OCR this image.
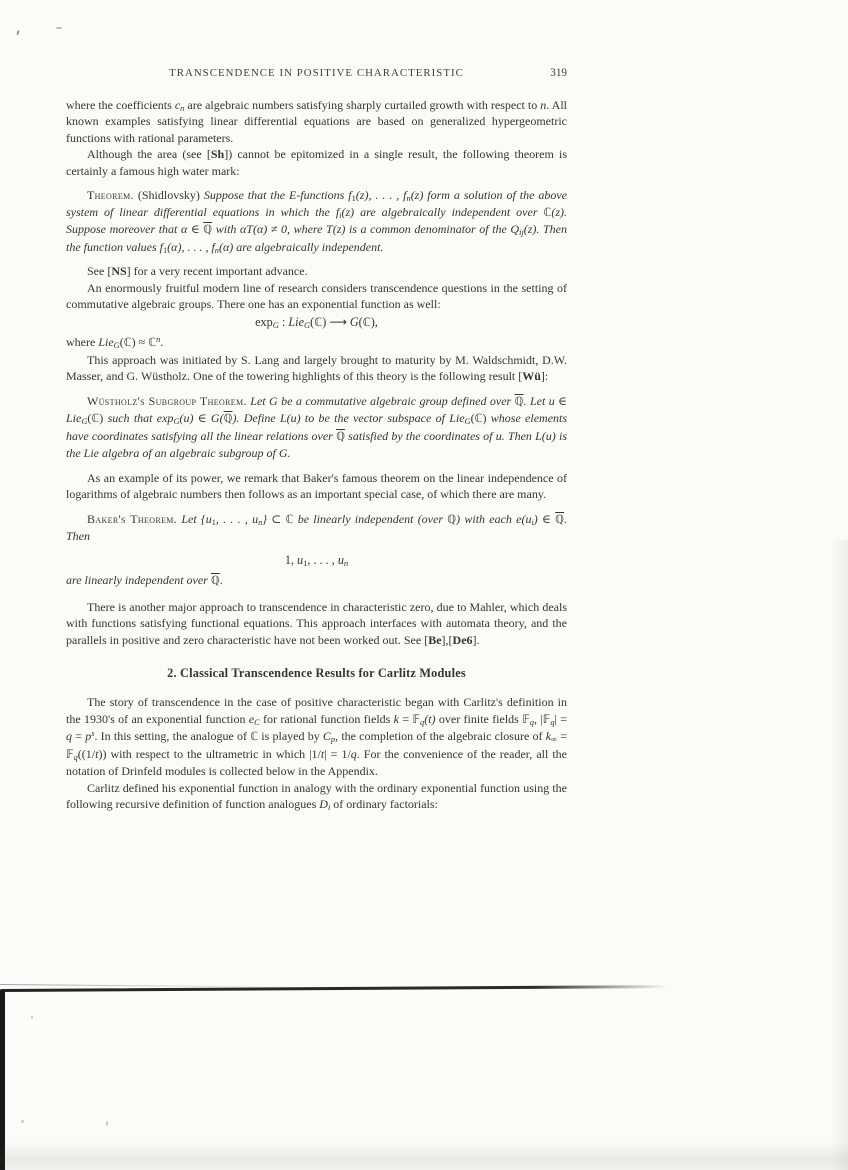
TRANSCENDENCE IN POSITIVE CHARACTERISTIC	319

where the coefficients cn are algebraic numbers satisfying sharply curtailed growth with respect to n. All known examples satisfying linear differential equations are based on generalized hypergeometric functions with rational parameters.

Although the area (see [Sh]) cannot be epitomized in a single result, the following theorem is certainly a famous high water mark:

Theorem. (Shidlovsky) Suppose that the E-functions f1(z), . . . , fn(z) form a solution of the above system of linear differential equations in which the fi(z) are algebraically independent over ℂ(z). Suppose moreover that α ∈ ℚ with αT(α) ≠ 0, where T(z) is a common denominator of the Qij(z). Then the function values f1(α), . . . , fn(α) are algebraically independent.

See [NS] for a very recent important advance.

An enormously fruitful modern line of research considers transcendence questions in the setting of commutative algebraic groups. There one has an exponential function as well:

expG : LieG(ℂ) ⟶ G(ℂ),

where LieG(ℂ) ≈ ℂ$^n$.

This approach was initiated by S. Lang and largely brought to maturity by M. Waldschmidt, D.W. Masser, and G. Wüstholz. One of the towering highlights of this theory is the following result [Wü]:

Wüstholz's Subgroup Theorem. Let G be a commutative algebraic group defined over ℚ. Let u ∈ LieG(ℂ) such that expG(u) ∈ G(ℚ). Define L(u) to be the vector subspace of LieG(ℂ) whose elements have coordinates satisfying all the linear relations over ℚ satisfied by the coordinates of u. Then L(u) is the Lie algebra of an algebraic subgroup of G.

As an example of its power, we remark that Baker's famous theorem on the linear independence of logarithms of algebraic numbers then follows as an important special case, of which there are many.

Baker's Theorem. Let {u1, . . . , un} ⊂ ℂ be linearly independent (over ℚ) with each e(ui) ∈ ℚ. Then

1, u1, . . . , un

are linearly independent over ℚ.

There is another major approach to transcendence in characteristic zero, due to Mahler, which deals with functions satisfying functional equations. This approach interfaces with automata theory, and the parallels in positive and zero characteristic have not been worked out. See [Be],[De6].

2. Classical Transcendence Results for Carlitz Modules

The story of transcendence in the case of positive characteristic began with Carlitz's definition in the 1930's of an exponential function eC for rational function fields k = 𝔽q(t) over finite fields 𝔽q, |𝔽q| = $q = p^s$. In this setting, the analogue of ℂ is played by Cp, the completion of the algebraic closure of k∞ = 𝔽q((1/t)) with respect to the ultrametric in which |1/t| = 1/q. For the convenience of the reader, all the notation of Drinfeld modules is collected below in the Appendix.

Carlitz defined his exponential function in analogy with the ordinary exponential function using the following recursive definition of function analogues Di of ordinary factorials:
